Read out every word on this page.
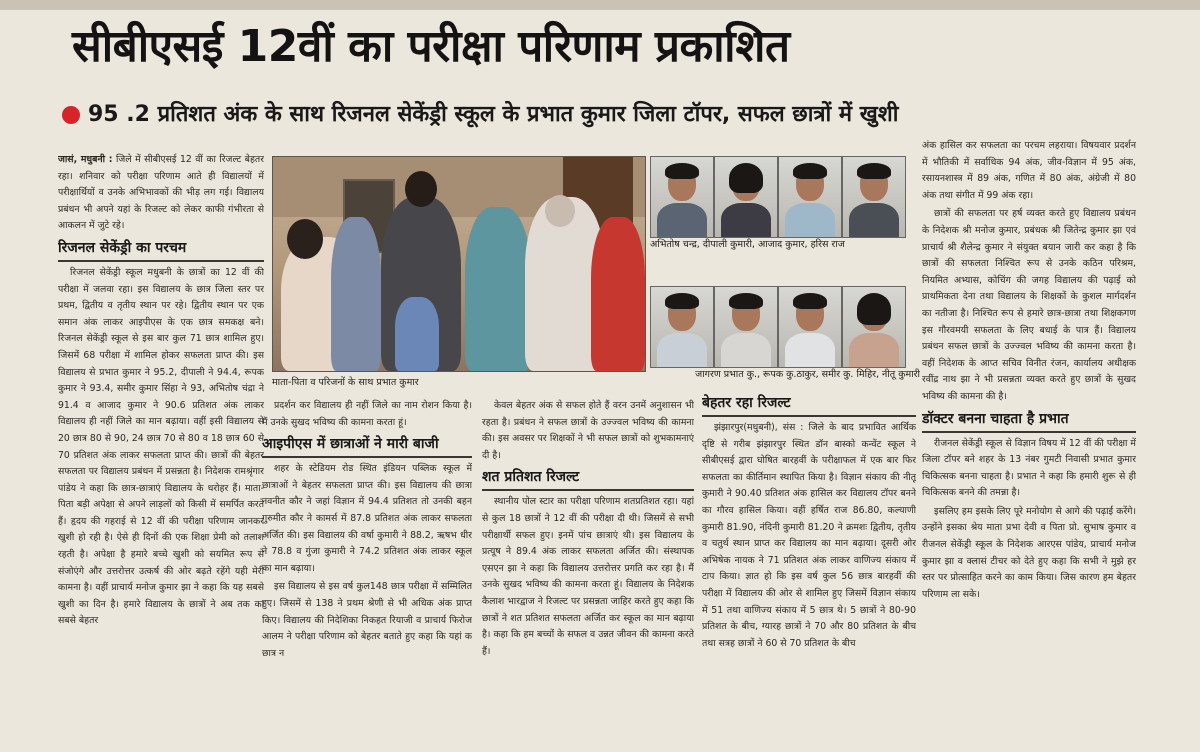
सीबीएसई 12वीं का परीक्षा परिणाम प्रकाशित
95 .2 प्रतिशत अंक के साथ रिजनल सेकेंड्री स्कूल के प्रभात कुमार जिला टॉपर, सफल छात्रों में खुशी

जासं, मधुबनी : जिले में सीबीएसई 12 वीं का रिजल्ट बेहतर रहा। शनिवार को परीक्षा परिणाम आते ही विद्यालयों में परीक्षार्थियों व उनके अभिभावकों की भीड़ लग गई। विद्यालय प्रबंधन भी अपने यहां के रिजल्ट को लेकर काफी गंभीरता से आकलन में जुटे रहे।

रिजनल सेकेंड्री का परचम

रिजनल सेकेंड्री स्कूल मधुबनी के छात्रों का 12 वीं की परीक्षा में जलवा रहा। इस विद्यालय के छात्र जिला स्तर पर प्रथम, द्वितीय व तृतीय स्थान पर रहे। द्वितीय स्थान पर एक समान अंक लाकर आइपीएस के एक छात्र समकक्ष बने। रिजनल सेकेंड्री स्कूल से इस बार कुल 71 छात्र शामिल हुए। जिसमें 68 परीक्षा में शामिल होकर सफलता प्राप्त की। इस विद्यालय से प्रभात कुमार ने 95.2, दीपाली ने 94.4, रूपक कुमार ने 93.4, समीर कुमार सिंहा ने 93, अभितोष चंद्रा ने 91.4 व आजाद कुमार ने 90.6 प्रतिशत अंक लाकर विद्यालय ही नहीं जिले का मान बढ़ाया। वहीं इसी विद्यालय से 20 छात्र 80 से 90, 24 छात्र 70 से 80 व 18 छात्र 60 से 70 प्रतिशत अंक लाकर सफलता प्राप्त की। छात्रों की बेहतर सफलता पर विद्यालय प्रबंधन में प्रसन्नता है। निदेशक रामश्रृंगार पांडेय ने कहा कि छात्र-छात्राएं विद्यालय के धरोहर हैं। माता-पिता बड़ी अपेक्षा से अपने लाड़लों को किसी में समर्पित करते हैं। हृदय की गहराई से 12 वीं की परीक्षा परिणाम जानकर खुशी हो रही है। ऐसे ही दिनों की एक शिक्षा प्रेमी को तलाश रहती है। अपेक्षा है हमारे बच्चे खुशी को सयमित रूप से संजोएंगे और उत्तरोत्तर उत्कर्ष की ओर बढ़ते रहेंगे यही मेरी कामना है। वहीं प्राचार्य मनोज कुमार झा ने कहा कि यह सबसे खुशी का दिन है। हमारे विद्यालय के छात्रों ने अब तक का सबसे बेहतर

माता-पिता व परिजनों के साथ प्रभात कुमार
अभितोष चन्द्र, दीपाली कुमारी, आजाद कुमार, हरिस राज
जागरण प्रभात कु., रूपक कु.ठाकुर, समीर कु. मिहिर, नीतू कुमारी

प्रदर्शन कर विद्यालय ही नहीं जिले का नाम रोशन किया है। मैं उनके सुखद भविष्य की कामना करता हूं।

आइपीएस में छात्राओं ने मारी बाजी

शहर के स्टेडियम रोड स्थित इंडियन पब्लिक स्कूल में छात्राओं ने बेहतर सफलता प्राप्त की। इस विद्यालय की छात्रा नवनीत कौर ने जहां विज्ञान में 94.4 प्रतिशत तो उनकी बहन गुरुमीत कौर ने कामर्स में 87.8 प्रतिशत अंक लाकर सफलता अर्जित की। इस विद्यालय की वर्षा कुमारी ने 88.2, ऋषभ धीर ने 78.8 व गुंजा कुमारी ने 74.2 प्रतिशत अंक लाकर स्कूल का मान बढ़ाया।

इस विद्यालय से इस वर्ष कुल148 छात्र परीक्षा में सम्मिलित हुए। जिसमें से 138 ने प्रथम श्रेणी से भी अधिक अंक प्राप्त किए। विद्यालय की निदेशिका निकहत रियाजी व प्राचार्य फिरोज आलम ने परीक्षा परिणाम को बेहतर बताते हुए कहा कि यहां क छात्र न

केवल बेहतर अंक से सफल होते हैं वरन उनमें अनुशासन भी रहता है। प्रबंधन ने सफल छात्रों के उज्ज्वल भविष्य की कामना की। इस अवसर पर शिक्षकों ने भी सफल छात्रों को शुभकामनाएं दी है।

शत प्रतिशत रिजल्ट

स्थानीय पोल स्टार का परीक्षा परिणाम शतप्रतिशत रहा। यहां से कुल 18 छात्रों ने 12 वीं की परीक्षा दी थी। जिसमें से सभी परीक्षार्थी सफल हुए। इनमें पांच छात्राएं थी। इस विद्यालय के प्रत्यूष ने 89.4 अंक लाकर सफलता अर्जित की। संस्थापक एसएन झा ने कहा कि विद्यालय उत्तरोत्तर प्रगति कर रहा है। मैं उनके सुखद भविष्य की कामना करता हूं। विद्यालय के निदेशक कैलाश भारद्वाज ने रिजल्ट पर प्रसन्नता जाहिर करते हुए कहा कि छात्रों ने शत प्रतिशत सफलता अर्जित कर स्कूल का मान बढ़ाया है। कहा कि हम बच्चों के सफल व उन्नत जीवन की कामना करते हैं।

बेहतर रहा रिजल्ट

झंझारपुर(मधुबनी), संस : जिले के बाद प्रभावित आर्थिक दृष्टि से गरीब झंझारपुर स्थित डॉन बास्को कन्वेंट स्कूल ने सीबीएसई द्वारा घोषित बारहवीं के परीक्षाफल में एक बार फिर सफलता का कीर्तिमान स्थापित किया है। विज्ञान संकाय की नीतू कुमारी ने 90.40 प्रतिशत अंक हासिल कर विद्यालय टॉपर बनने का गौरव हासिल किया। वहीं हर्षित राज 86.80, कल्याणी कुमारी 81.90, नंदिनी कुमारी 81.20 ने क्रमशः द्वितीय, तृतीय व चतुर्थ स्थान प्राप्त कर विद्यालय का मान बढ़ाया। दूसरी ओर अभिषेक नायक ने 71 प्रतिशत अंक लाकर वाणिज्य संकाय में टाप किया। ज्ञात हो कि इस वर्ष कुल 56 छात्र बारहवीं की परीक्षा में विद्यालय की ओर से शामिल हुए जिसमें विज्ञान संकाय में 51 तथा वाणिज्य संकाय में 5 छात्र थे। 5 छात्रों ने 80-90 प्रतिशत के बीच, ग्यारह छात्रों ने 70 और 80 प्रतिशत के बीच तथा सत्रह छात्रों ने 60 से 70 प्रतिशत के बीच

अंक हासिल कर सफलता का परचम लहराया। विषयवार प्रदर्शन में भौतिकी में सर्वाधिक 94 अंक, जीव-विज्ञान में 95 अंक, रसायनशास्त्र में 89 अंक, गणित में 80 अंक, अंग्रेजी में 80 अंक तथा संगीत में 99 अंक रहा।

छात्रों की सफलता पर हर्ष व्यक्त करते हुए विद्यालय प्रबंधन के निदेशक श्री मनोज कुमार, प्रबंधक श्री जितेन्द्र कुमार झा एवं प्राचार्य श्री शैलेन्द्र कुमार ने संयुक्त बयान जारी कर कहा है कि छात्रों की सफलता निश्चित रूप से उनके कठिन परिश्रम, नियमित अभ्यास, कोचिंग की जगह विद्यालय की पढ़ाई को प्राथमिकता देना तथा विद्यालय के शिक्षकों के कुशल मार्गदर्शन का नतीजा है। निश्चित रूप से हमारे छात्र-छात्रा तथा शिक्षकगण इस गौरवमयी सफलता के लिए बधाई के पात्र हैं। विद्यालय प्रबंधन सफल छात्रों के उज्ज्वल भविष्य की कामना करता है। वहीं निदेशक के आप्त सचिव विनीत रंजन, कार्यालय अधीक्षक रवींद्र नाथ झा ने भी प्रसन्नता व्यक्त करते हुए छात्रों के सुखद भविष्य की कामना की है।

डॉक्टर बनना चाहता है प्रभात

रीजनल सेकेंड्री स्कूल से विज्ञान विषय में 12 वीं की परीक्षा में जिला टॉपर बने शहर के 13 नंबर गुमटी निवासी प्रभात कुमार चिकित्सक बनना चाहता है। प्रभात ने कहा कि हमारी शुरू से ही चिकित्सक बनने की तमन्ना है।

इसलिए हम इसके लिए पूरे मनोयोग से आगे की पढ़ाई करेंगे। उन्होंने इसका श्रेय माता प्रभा देवी व पिता प्रो. सुभाष कुमार व रीजनल सेकेंड्री स्कूल के निदेशक आरएस पांडेय, प्राचार्य मनोज कुमार झा व क्लासं टीचर को देते हुए कहा कि सभी ने मुझे हर स्तर पर प्रोत्साहित करने का काम किया। जिस कारण हम बेहतर परिणाम ला सके।
